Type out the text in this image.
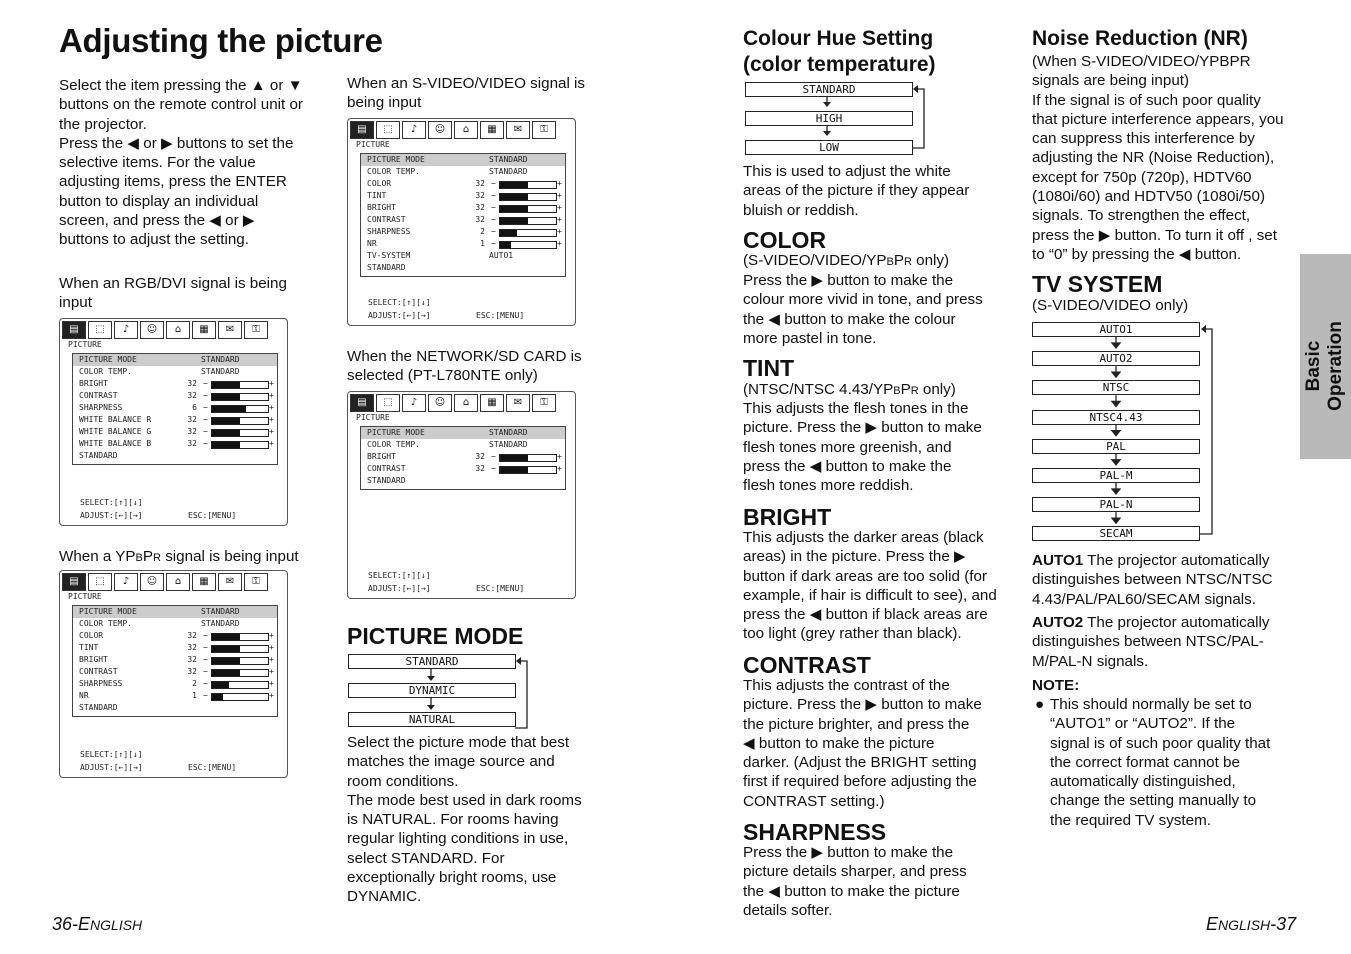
Adjusting the picture
Select the item pressing the ▲ or ▼
buttons on the remote control unit or
the projector.
Press the ◀ or ▶ buttons to set the
selective items. For the value
adjusting items, press the ENTER
button to display an individual
screen, and press the ◀ or ▶
buttons to adjust the setting.
When an RGB/DVI signal is being
input
▤	⬚	♪	☺	⌂	▦	✉	⚿
PICTURE
PICTURE MODE	STANDARD
COLOR TEMP.	STANDARD
BRIGHT	32 −	+
CONTRAST	32 −	+
SHARPNESS	6 −	+
WHITE BALANCE R	32 −	+
WHITE BALANCE G	32 −	+
WHITE BALANCE B	32 −	+
STANDARD
SELECT:[↑][↓]
ADJUST:[←][→]	ESC:[MENU]
When a YPBPR signal is being input
▤	⬚	♪	☺	⌂	▦	✉	⚿
PICTURE
PICTURE MODE	STANDARD
COLOR TEMP.	STANDARD
COLOR	32 −	+
TINT	32 −	+
BRIGHT	32 −	+
CONTRAST	32 −	+
SHARPNESS	2 −	+
NR	1 −	+
STANDARD
SELECT:[↑][↓]
ADJUST:[←][→]	ESC:[MENU]
When an S-VIDEO/VIDEO signal is
being input
▤	⬚	♪	☺	⌂	▦	✉	⚿
PICTURE
PICTURE MODE	STANDARD
COLOR TEMP.	STANDARD
COLOR	32 −	+
TINT	32 −	+
BRIGHT	32 −	+
CONTRAST	32 −	+
SHARPNESS	2 −	+
NR	1 −	+
TV-SYSTEM	AUTO1
STANDARD
SELECT:[↑][↓]
ADJUST:[←][→]	ESC:[MENU]
When the NETWORK/SD CARD is
selected (PT-L780NTE only)
▤	⬚	♪	☺	⌂	▦	✉	⚿
PICTURE
PICTURE MODE	STANDARD
COLOR TEMP.	STANDARD
BRIGHT	32 −	+
CONTRAST	32 −	+
STANDARD
SELECT:[↑][↓]
ADJUST:[←][→]	ESC:[MENU]
PICTURE MODE
STANDARD
DYNAMIC
NATURAL
Select the picture mode that best
matches the image source and
room conditions.
The mode best used in dark rooms
is NATURAL. For rooms having
regular lighting conditions in use,
select STANDARD. For
exceptionally bright rooms, use
DYNAMIC.
36-ENGLISH
Colour Hue Setting
(color temperature)
STANDARD
HIGH
LOW
This is used to adjust the white
areas of the picture if they appear
bluish or reddish.
COLOR
(S-VIDEO/VIDEO/YPBPR only)
Press the ▶ button to make the
colour more vivid in tone, and press
the ◀ button to make the colour
more pastel in tone.
TINT
(NTSC/NTSC 4.43/YPBPR only)
This adjusts the flesh tones in the
picture. Press the ▶ button to make
flesh tones more greenish, and
press the ◀ button to make the
flesh tones more reddish.
BRIGHT
This adjusts the darker areas (black
areas) in the picture. Press the ▶
button if dark areas are too solid (for
example, if hair is difficult to see), and
press the ◀ button if black areas are
too light (grey rather than black).
CONTRAST
This adjusts the contrast of the
picture. Press the ▶ button to make
the picture brighter, and press the
◀ button to make the picture
darker. (Adjust the BRIGHT setting
first if required before adjusting the
CONTRAST setting.)
SHARPNESS
Press the ▶ button to make the
picture details sharper, and press
the ◀ button to make the picture
details softer.
Noise Reduction (NR)
(When S-VIDEO/VIDEO/YPBPR
signals are being input)
If the signal is of such poor quality
that picture interference appears, you
can suppress this interference by
adjusting the NR (Noise Reduction),
except for 750p (720p), HDTV60
(1080i/60) and HDTV50 (1080i/50)
signals. To strengthen the effect,
press the ▶ button. To turn it off , set
to “0” by pressing the ◀ button.
TV SYSTEM
(S-VIDEO/VIDEO only)
AUTO1
AUTO2
NTSC
NTSC4.43
PAL
PAL-M
PAL-N
SECAM
AUTO1 The projector automatically
distinguishes between NTSC/NTSC
4.43/PAL/PAL60/SECAM signals.
AUTO2 The projector automatically
distinguishes between NTSC/PAL-
M/PAL-N signals.
NOTE:
● This should normally be set to
“AUTO1” or “AUTO2”. If the
signal is of such poor quality that
the correct format cannot be
automatically distinguished,
change the setting manually to
the required TV system.
Basic Operation
ENGLISH-37
